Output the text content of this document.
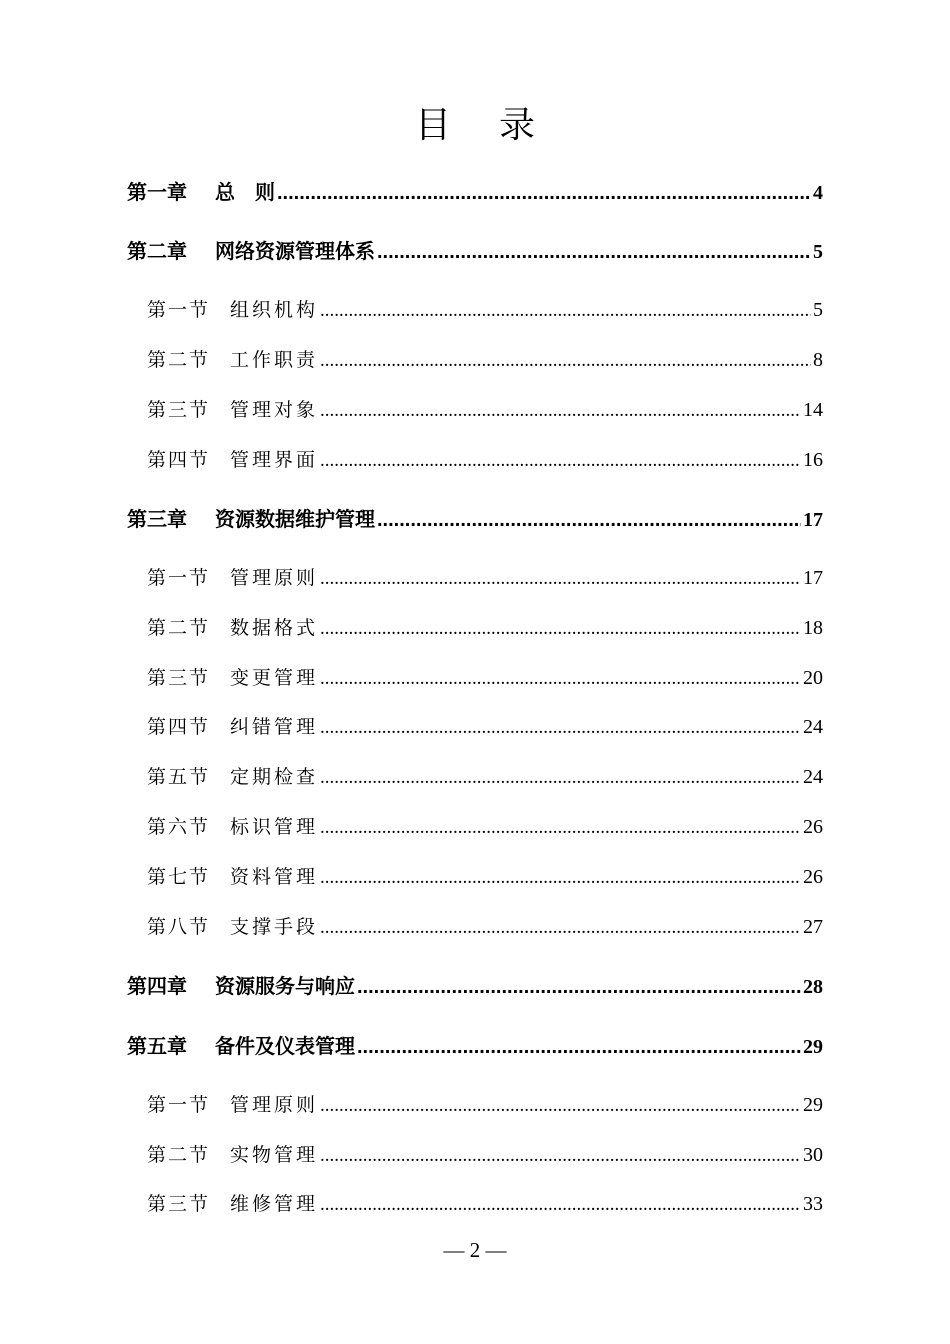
目录
第一章 总　则 .....	4
第二章 网络资源管理体系 .....	5
第一节 组织机构 .....	5
第二节 工作职责 .....	8
第三节 管理对象 .....	14
第四节 管理界面 .....	16
第三章 资源数据维护管理 .....	17
第一节 管理原则 .....	17
第二节 数据格式 .....	18
第三节 变更管理 .....	20
第四节 纠错管理 .....	24
第五节 定期检查 .....	24
第六节 标识管理 .....	26
第七节 资料管理 .....	26
第八节 支撑手段 .....	27
第四章 资源服务与响应 .....	28
第五章 备件及仪表管理 .....	29
第一节 管理原则 .....	29
第二节 实物管理 .....	30
第三节 维修管理 .....	33
— 2 —
